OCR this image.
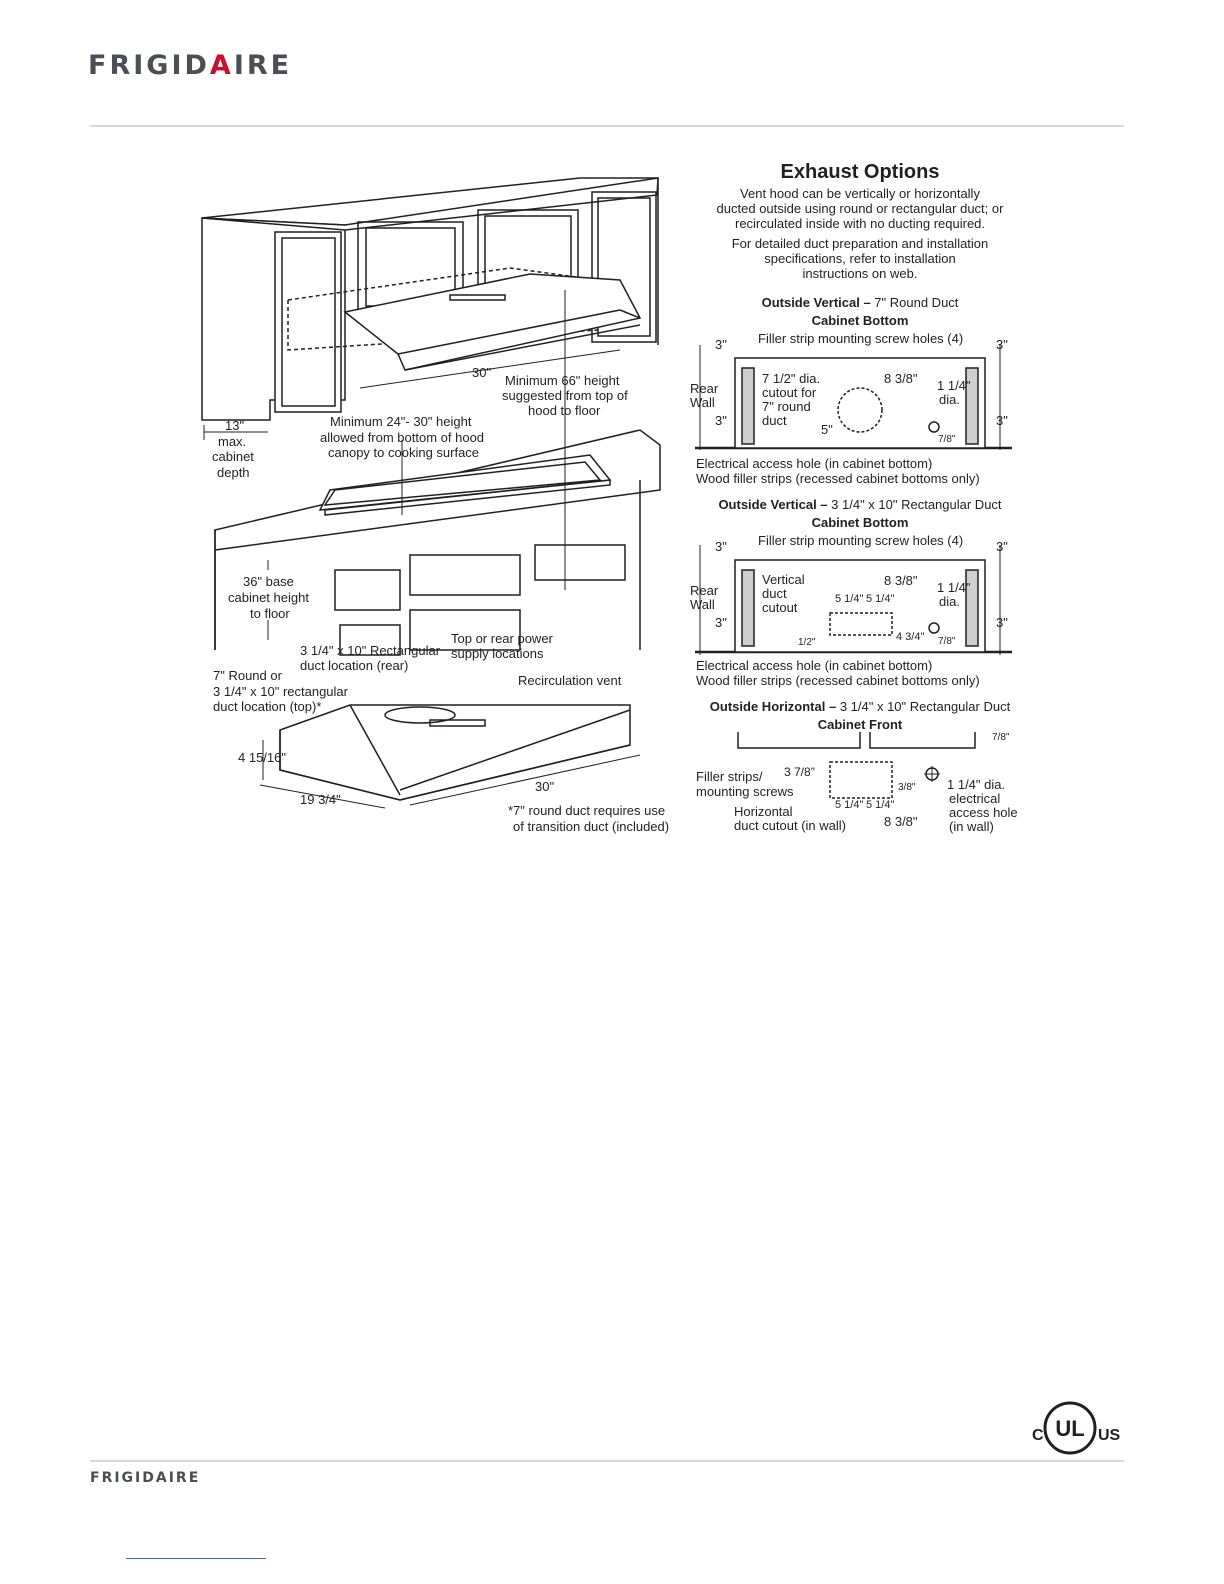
FRIGIDAIRE
30"
Minimum 66" height
suggested from top of
hood to floor
13"
max.
cabinet
depth
Minimum 24"- 30" height
allowed from bottom of hood
canopy to cooking surface
36" base
cabinet height
to floor
3 1/4" x 10" Rectangular
duct location (rear)
Top or rear power
supply locations
7" Round or
3 1/4" x 10" rectangular
duct location (top)*
Recirculation vent
4 15/16"
19 3/4"
30"
*7" round duct requires use
of transition duct (included)
Exhaust Options
Vent hood can be vertically or horizontally
ducted outside using round or rectangular duct; or
recirculated inside with no ducting required.
For detailed duct preparation and installation
specifications, refer to installation
instructions on web.
Outside Vertical – 7" Round Duct
Cabinet Bottom
Filler strip mounting screw holes (4)
3"	3"
Rear
Wall
3"	3"
7 1/2" dia.
cutout for
7" round
duct
8 3/8" 1 1/4"
dia.
5"
7/8"
Electrical access hole (in cabinet bottom)
Wood filler strips (recessed cabinet bottoms only)
Outside Vertical – 3 1/4" x 10" Rectangular Duct
Cabinet Bottom
Filler strip mounting screw holes (4)
3"	3"
Rear
Wall
3"	3"
Vertical
duct
cutout
8 3/8" 1 1/4"
dia.
5 1/4" 5 1/4"
1/2"	4 3/4" 7/8"
Electrical access hole (in cabinet bottom)
Wood filler strips (recessed cabinet bottoms only)
Outside Horizontal – 3 1/4" x 10" Rectangular Duct
Cabinet Front
7/8"
3 7/8"
3/8"
Filler strips/
mounting screws
Horizontal
duct cutout (in wall)
5 1/4" 5 1/4"
8 3/8"
1 1/4" dia.
electrical
access hole
(in wall)
UL
C	US
FRIGIDAIRE
